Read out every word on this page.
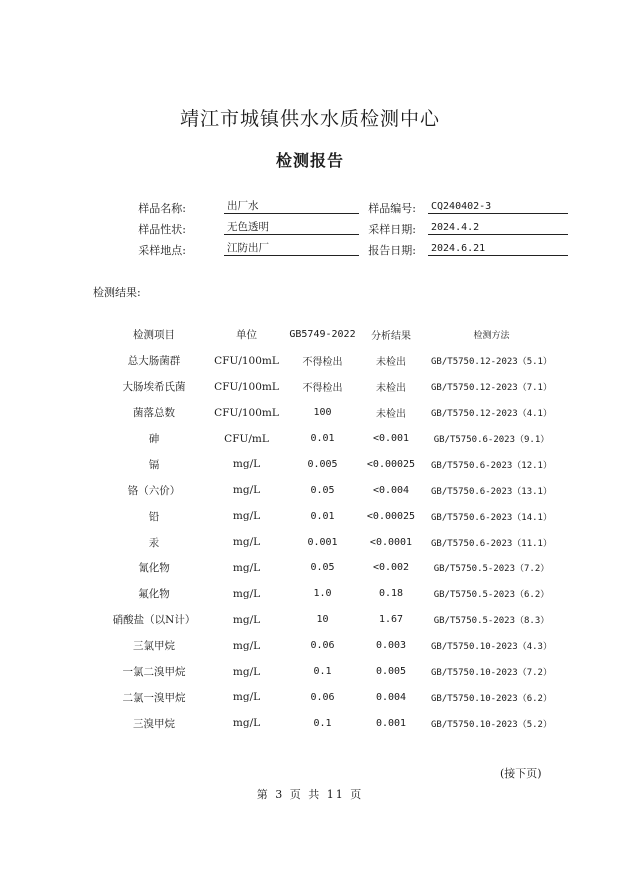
靖江市城镇供水水质检测中心
检测报告
样品名称:	出厂水	样品编号:	CQ240402-3
样品性状:	无色透明	采样日期:	2024.4.2
采样地点:	江防出厂	报告日期:	2024.6.21
检测结果:
检测项目	单位	GB5749-2022	分析结果	检测方法
总大肠菌群	CFU/100mL	不得检出	未检出	GB/T5750.12-2023（5.1）
大肠埃希氏菌	CFU/100mL	不得检出	未检出	GB/T5750.12-2023（7.1）
菌落总数	CFU/100mL	100	未检出	GB/T5750.12-2023（4.1）
砷	CFU/mL	0.01	<0.001	GB/T5750.6-2023（9.1）
镉	mg/L	0.005	<0.00025	GB/T5750.6-2023（12.1）
铬（六价）	mg/L	0.05	<0.004	GB/T5750.6-2023（13.1）
铅	mg/L	0.01	<0.00025	GB/T5750.6-2023（14.1）
汞	mg/L	0.001	<0.0001	GB/T5750.6-2023（11.1）
氰化物	mg/L	0.05	<0.002	GB/T5750.5-2023（7.2）
氟化物	mg/L	1.0	0.18	GB/T5750.5-2023（6.2）
硝酸盐（以N计）	mg/L	10	1.67	GB/T5750.5-2023（8.3）
三氯甲烷	mg/L	0.06	0.003	GB/T5750.10-2023（4.3）
一氯二溴甲烷	mg/L	0.1	0.005	GB/T5750.10-2023（7.2）
二氯一溴甲烷	mg/L	0.06	0.004	GB/T5750.10-2023（6.2）
三溴甲烷	mg/L	0.1	0.001	GB/T5750.10-2023（5.2）
(接下页)
第 3 页 共 11 页
